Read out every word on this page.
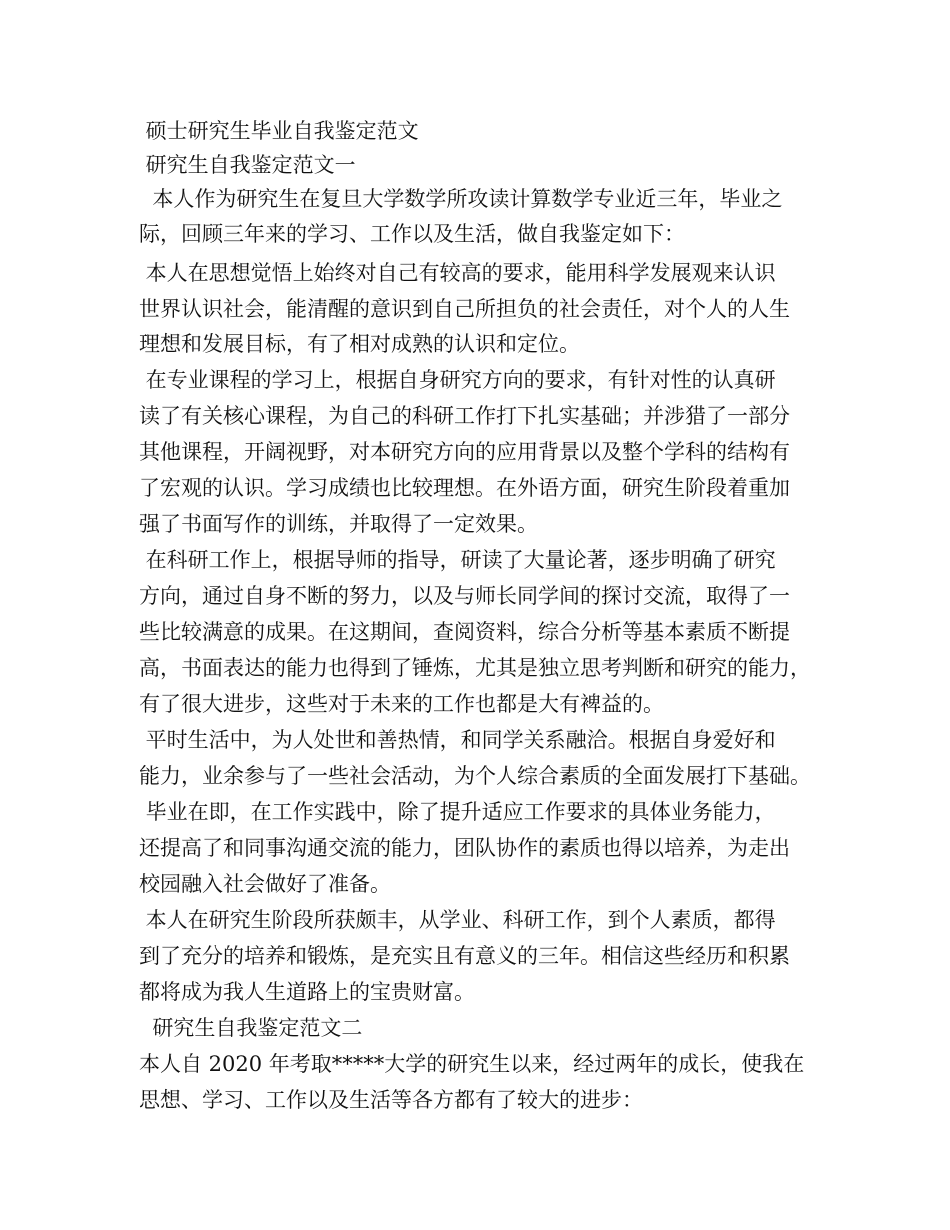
硕士研究生毕业自我鉴定范文
研究生自我鉴定范文一
本人作为研究生在复旦大学数学所攻读计算数学专业近三年，毕业之
际，回顾三年来的学习、工作以及生活，做自我鉴定如下：
本人在思想觉悟上始终对自己有较高的要求，能用科学发展观来认识
世界认识社会，能清醒的意识到自己所担负的社会责任，对个人的人生
理想和发展目标，有了相对成熟的认识和定位。
在专业课程的学习上，根据自身研究方向的要求，有针对性的认真研
读了有关核心课程，为自己的科研工作打下扎实基础；并涉猎了一部分
其他课程，开阔视野，对本研究方向的应用背景以及整个学科的结构有
了宏观的认识。学习成绩也比较理想。在外语方面，研究生阶段着重加
强了书面写作的训练，并取得了一定效果。
在科研工作上，根据导师的指导，研读了大量论著，逐步明确了研究
方向，通过自身不断的努力，以及与师长同学间的探讨交流，取得了一
些比较满意的成果。在这期间，查阅资料，综合分析等基本素质不断提
高，书面表达的能力也得到了锤炼，尤其是独立思考判断和研究的能力，
有了很大进步，这些对于未来的工作也都是大有裨益的。
平时生活中，为人处世和善热情，和同学关系融洽。根据自身爱好和
能力，业余参与了一些社会活动，为个人综合素质的全面发展打下基础。
毕业在即，在工作实践中，除了提升适应工作要求的具体业务能力，
还提高了和同事沟通交流的能力，团队协作的素质也得以培养，为走出
校园融入社会做好了准备。
本人在研究生阶段所获颇丰，从学业、科研工作，到个人素质，都得
到了充分的培养和锻炼，是充实且有意义的三年。相信这些经历和积累
都将成为我人生道路上的宝贵财富。
研究生自我鉴定范文二
本人自 2020 年考取*****大学的研究生以来，经过两年的成长，使我在
思想、学习、工作以及生活等各方都有了较大的进步：
